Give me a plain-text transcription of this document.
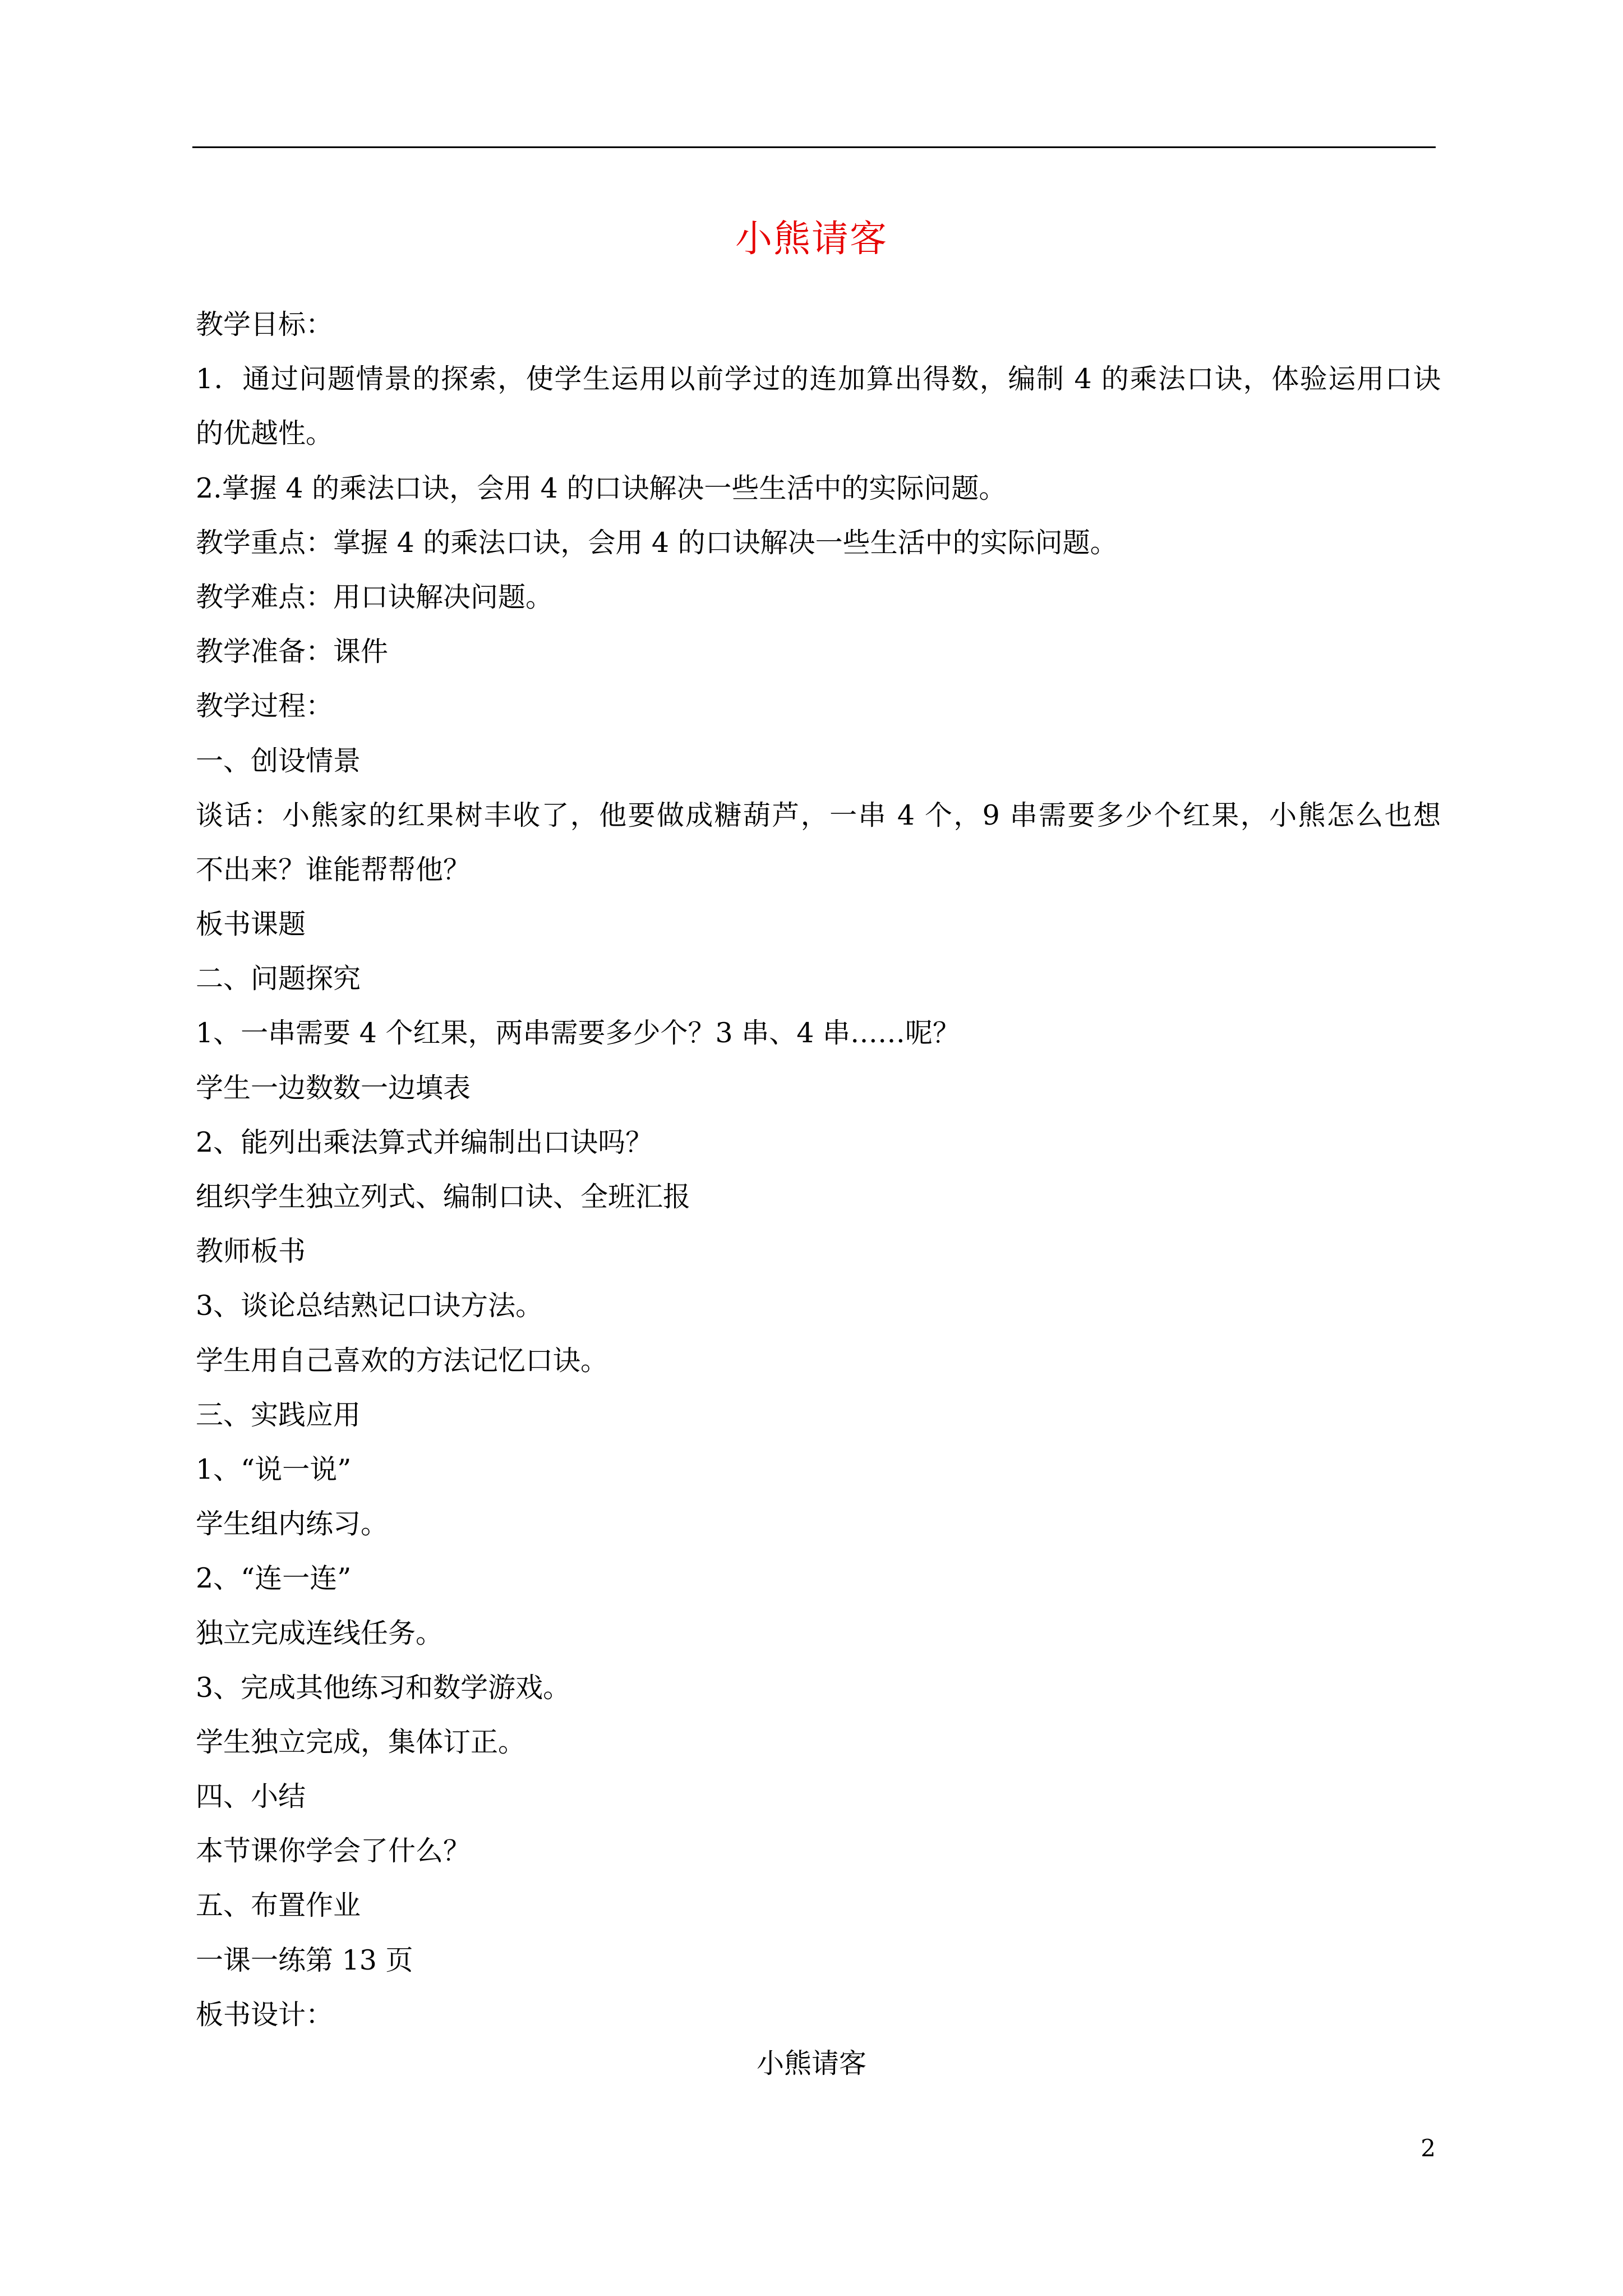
小熊请客
教学目标：
1．通过问题情景的探索，使学生运用以前学过的连加算出得数，编制 4 的乘法口诀，体验运用口诀
的优越性。
2.掌握 4 的乘法口诀，会用 4 的口诀解决一些生活中的实际问题。
教学重点：掌握 4 的乘法口诀，会用 4 的口诀解决一些生活中的实际问题。
教学难点：用口诀解决问题。
教学准备：课件
教学过程：
一、创设情景
谈话：小熊家的红果树丰收了，他要做成糖葫芦，一串 4 个，9 串需要多少个红果，小熊怎么也想
不出来？谁能帮帮他？
板书课题
二、问题探究
1、一串需要 4 个红果，两串需要多少个？3 串、4 串……呢？
学生一边数数一边填表
2、能列出乘法算式并编制出口诀吗？
组织学生独立列式、编制口诀、全班汇报
教师板书
3、谈论总结熟记口诀方法。
学生用自己喜欢的方法记忆口诀。
三、实践应用
1、“说一说”
学生组内练习。
2、“连一连”
独立完成连线任务。
3、完成其他练习和数学游戏。
学生独立完成，集体订正。
四、小结
本节课你学会了什么？
五、布置作业
一课一练第 13 页
板书设计：
小熊请客
2
